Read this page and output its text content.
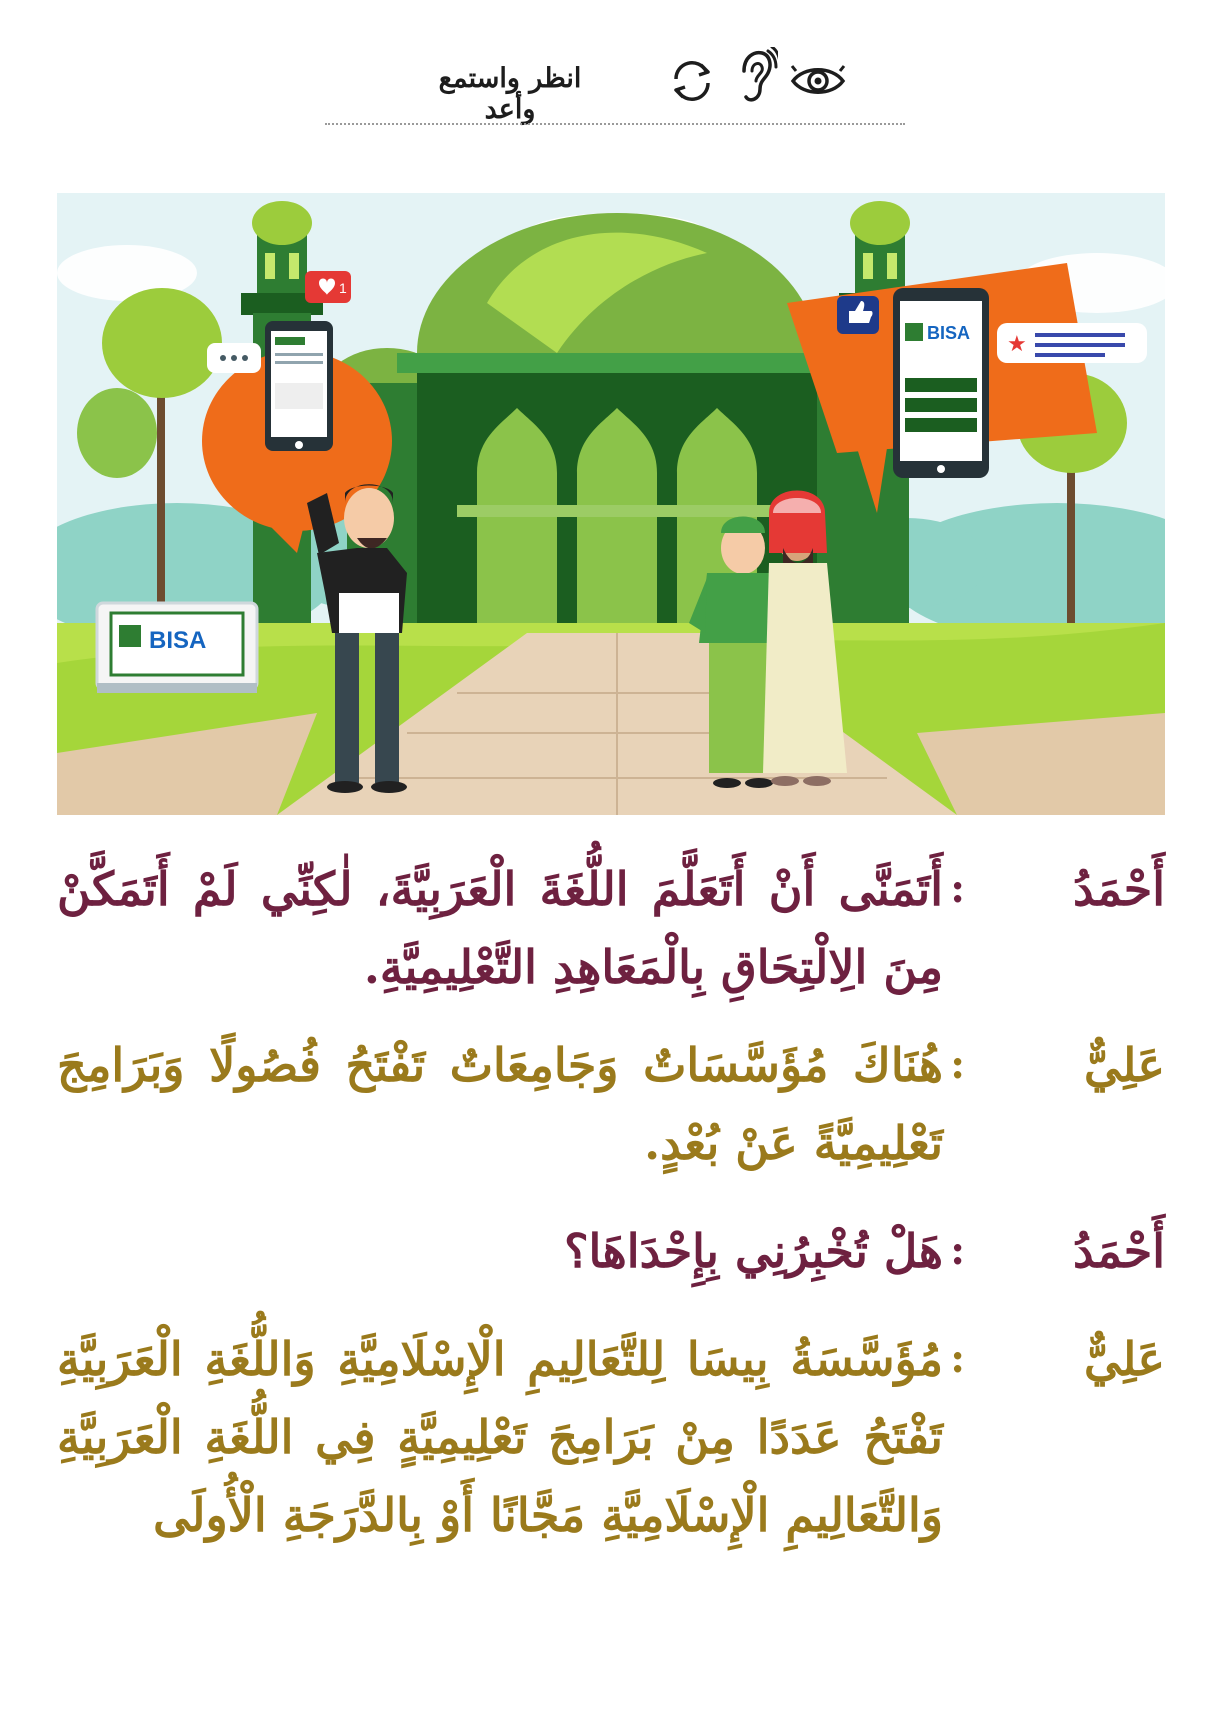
انظر واستمع وأعد
BISA
1
BISA ★
أَحْمَدُ
:
أَتَمَنَّى أَنْ أَتَعَلَّمَ اللُّغَةَ الْعَرَبِيَّةَ، لٰكِنِّي لَمْ أَتَمَكَّنْ
مِنَ الِالْتِحَاقِ بِالْمَعَاهِدِ التَّعْلِيمِيَّةِ.
عَلِيٌّ
:
هُنَاكَ مُؤَسَّسَاتٌ وَجَامِعَاتٌ تَفْتَحُ فُصُولًا وَبَرَامِجَ
تَعْلِيمِيَّةً عَنْ بُعْدٍ.
أَحْمَدُ
:
هَلْ تُخْبِرُنِي بِإِحْدَاهَا؟
عَلِيٌّ
:
مُؤَسَّسَةُ بِيسَا لِلتَّعَالِيمِ الْإِسْلَامِيَّةِ وَاللُّغَةِ الْعَرَبِيَّةِ
تَفْتَحُ عَدَدًا مِنْ بَرَامِجَ تَعْلِيمِيَّةٍ فِي اللُّغَةِ الْعَرَبِيَّةِ
وَالتَّعَالِيمِ الْإِسْلَامِيَّةِ مَجَّانًا أَوْ بِالدَّرَجَةِ الْأُولَى
